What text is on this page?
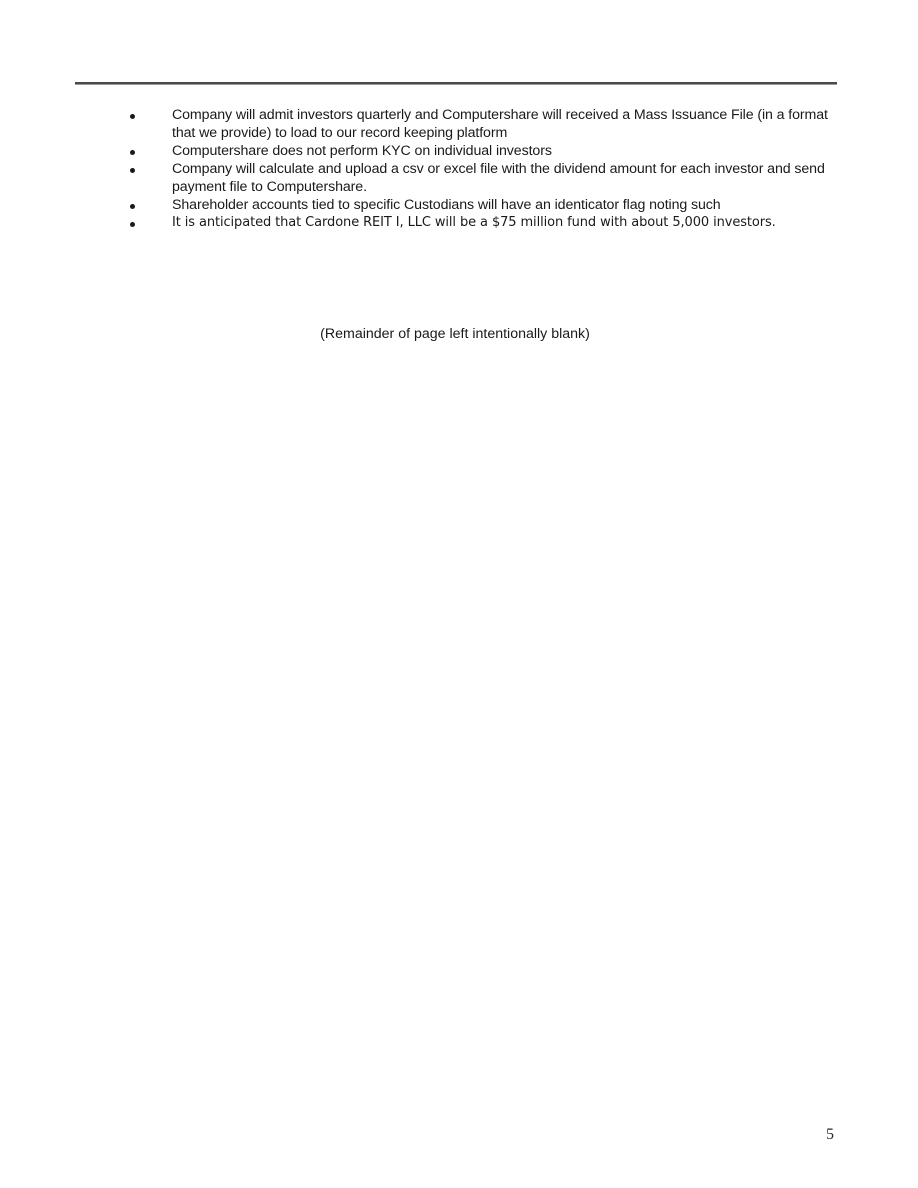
Company will admit investors quarterly and Computershare will received a Mass Issuance File (in a format that we provide) to load to our record keeping platform
Computershare does not perform KYC on individual investors
Company will calculate and upload a csv or excel file with the dividend amount for each investor and send payment file to Computershare.
Shareholder accounts tied to specific Custodians will have an identicator flag noting such
It is anticipated that Cardone REIT I, LLC will be a $75 million fund with about 5,000 investors.
(Remainder of page left intentionally blank)
5
